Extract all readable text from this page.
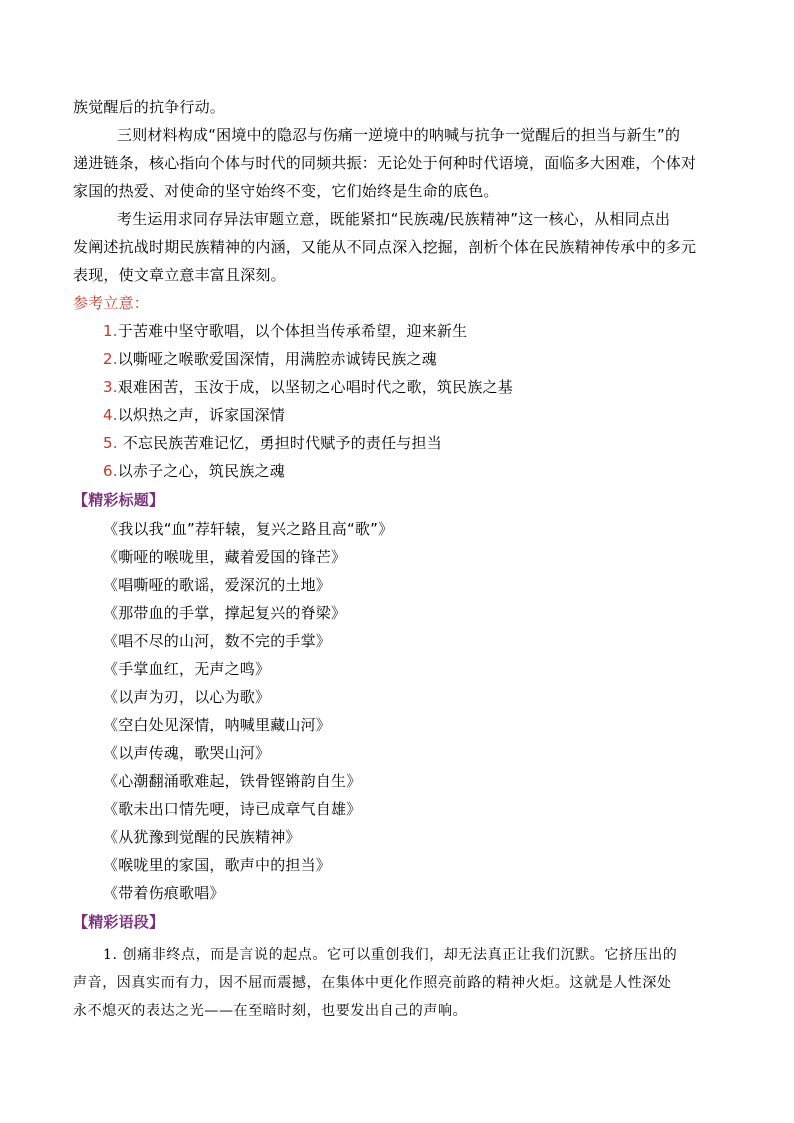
族觉醒后的抗争行动。
三则材料构成“困境中的隐忍与伤痛一逆境中的呐喊与抗争一觉醒后的担当与新生”的
递进链条，核心指向个体与时代的同频共振：无论处于何种时代语境，面临多大困难，个体对
家国的热爱、对使命的坚守始终不变，它们始终是生命的底色。
考生运用求同存异法审题立意，既能紧扣“民族魂/民族精神”这一核心，从相同点出
发阐述抗战时期民族精神的内涵，又能从不同点深入挖掘，剖析个体在民族精神传承中的多元
表现，使文章立意丰富且深刻。
参考立意：
1.于苦难中坚守歌唱，以个体担当传承希望，迎来新生
2.以嘶哑之喉歌爱国深情，用满腔赤诚铸民族之魂
3.艰难困苦，玉汝于成，以坚韧之心唱时代之歌，筑民族之基
4.以炽热之声，诉家国深情
5. 不忘民族苦难记忆，勇担时代赋予的责任与担当
6.以赤子之心，筑民族之魂
【精彩标题】
《我以我“血”荐轩辕，复兴之路且高“歌”》
《嘶哑的喉咙里，藏着爱国的锋芒》
《唱嘶哑的歌谣，爱深沉的土地》
《那带血的手掌，撑起复兴的脊梁》
《唱不尽的山河，数不完的手掌》
《手掌血红，无声之鸣》
《以声为刃，以心为歌》
《空白处见深情，呐喊里藏山河》
《以声传魂，歌哭山河》
《心潮翻涌歌难起，铁骨铿锵韵自生》
《歌未出口情先哽，诗已成章气自雄》
《从犹豫到觉醒的民族精神》
《喉咙里的家国，歌声中的担当》
《带着伤痕歌唱》
【精彩语段】
1. 创痛非终点，而是言说的起点。它可以重创我们，却无法真正让我们沉默。它挤压出的
声音，因真实而有力，因不屈而震撼，在集体中更化作照亮前路的精神火炬。这就是人性深处
永不熄灭的表达之光——在至暗时刻，也要发出自己的声响。
